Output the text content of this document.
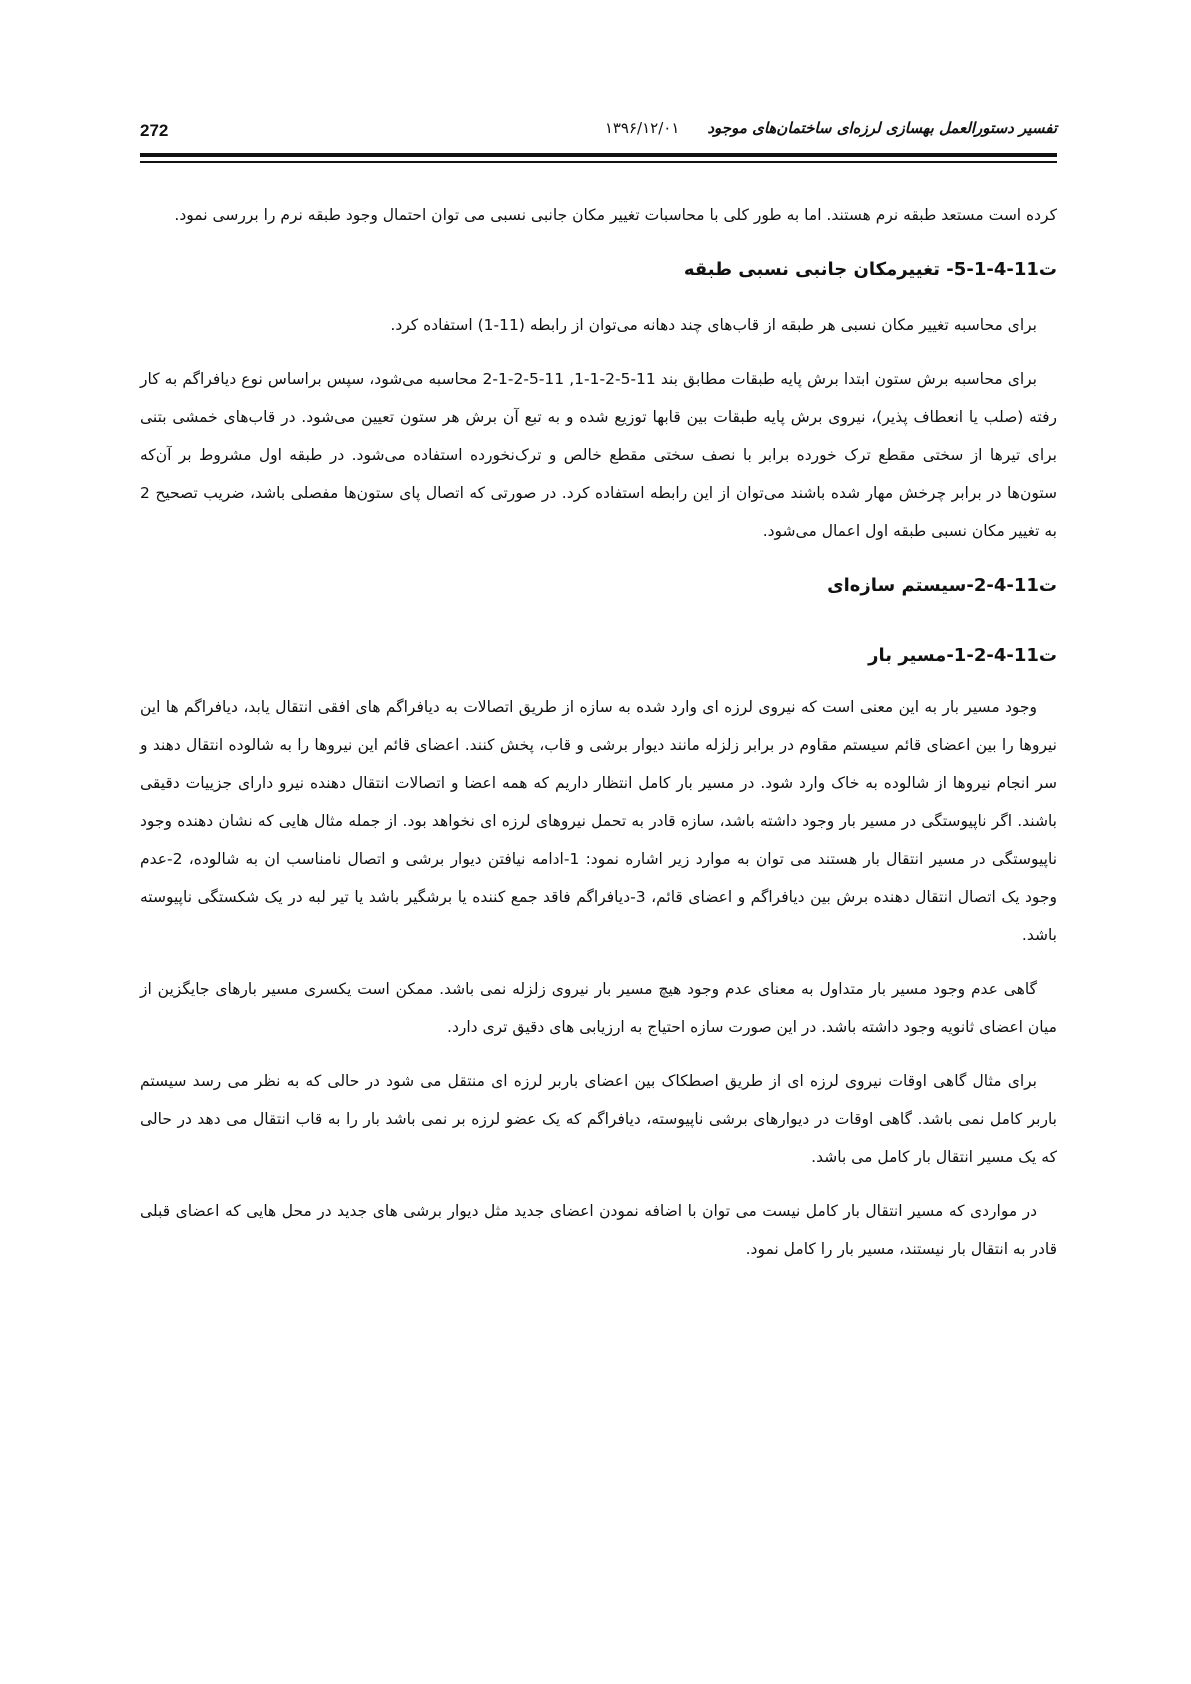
272	تفسیر دستورالعمل بهسازی لرزه‌ای ساختمان‌های موجود۱۳۹۶/۱۲/۰۱

کرده است مستعد طبقه نرم هستند. اما به طور کلی با محاسبات تغییر مکان جانبی نسبی می توان احتمال وجود طبقه نرم را بررسی نمود.

ت11-4-1-5- تغییرمکان جانبی نسبی طبقه

برای محاسبه تغییر مکان نسبی هر طبقه از قاب‌های چند دهانه می‌توان از رابطه (11-1) استفاده کرد.

برای محاسبه برش ستون ابتدا برش پایه طبقات مطابق بند 11-5-2-1-1, 11-5-2-1-2 محاسبه می‌شود، سپس براساس نوع دیافراگم به کار رفته (صلب یا انعطاف پذیر)، نیروی برش پایه طبقات بین قابها توزیع شده و به تبع آن برش هر ستون تعیین می‌شود. در قاب‌های خمشی بتنی برای تیرها از سختی مقطع ترک خورده برابر با نصف سختی مقطع خالص و ترک‌نخورده استفاده می‌شود. در طبقه اول مشروط بر آن‌که ستون‌ها در برابر چرخش مهار شده باشند می‌توان از این رابطه استفاده کرد. در صورتی که اتصال پای ستون‌ها مفصلی باشد، ضریب تصحیح 2 به تغییر مکان نسبی طبقه اول اعمال می‌شود.

ت11-4-2-سیستم سازه‌ای
ت11-4-2-1-مسیر بار

وجود مسیر بار به این معنی است که نیروی لرزه ای وارد شده به سازه از طریق اتصالات به دیافراگم های افقی انتقال یابد، دیافراگم ها این نیروها را بین اعضای قائم سیستم مقاوم در برابر زلزله مانند دیوار برشی و قاب، پخش کنند. اعضای قائم این نیروها را به شالوده انتقال دهند و سر انجام نیروها از شالوده به خاک وارد شود. در مسیر بار کامل انتظار داریم که همه اعضا و اتصالات انتقال دهنده نیرو دارای جزییات دقیقی باشند. اگر ناپیوستگی در مسیر بار وجود داشته باشد، سازه قادر به تحمل نیروهای لرزه ای نخواهد بود. از جمله مثال هایی که نشان دهنده وجود ناپیوستگی در مسیر انتقال بار هستند می توان به موارد زیر اشاره نمود: 1-ادامه نیافتن دیوار برشی و اتصال نامناسب ان به شالوده، 2-عدم وجود یک اتصال انتقال دهنده برش بین دیافراگم و اعضای قائم، 3-دیافراگم فاقد جمع کننده یا برشگیر باشد یا تیر لبه در یک شکستگی ناپیوسته باشد.

گاهی عدم وجود مسیر بار متداول به معنای عدم وجود هیچ مسیر بار نیروی زلزله نمی باشد. ممکن است یکسری مسیر بارهای جایگزین از میان اعضای ثانویه وجود داشته باشد. در این صورت سازه احتیاج به ارزیابی های دقیق تری دارد.

برای مثال گاهی اوقات نیروی لرزه ای از طریق اصطکاک بین اعضای باربر لرزه ای منتقل می شود در حالی که به نظر می رسد سیستم باربر کامل نمی باشد. گاهی اوقات در دیوارهای برشی ناپیوسته، دیافراگم که یک عضو لرزه بر نمی باشد بار را به قاب انتقال می دهد در حالی که یک مسیر انتقال بار کامل می باشد.

در مواردی که مسیر انتقال بار کامل نیست می توان با اضافه نمودن اعضای جدید مثل دیوار برشی های جدید در محل هایی که اعضای قبلی قادر به انتقال بار نیستند، مسیر بار را کامل نمود.
